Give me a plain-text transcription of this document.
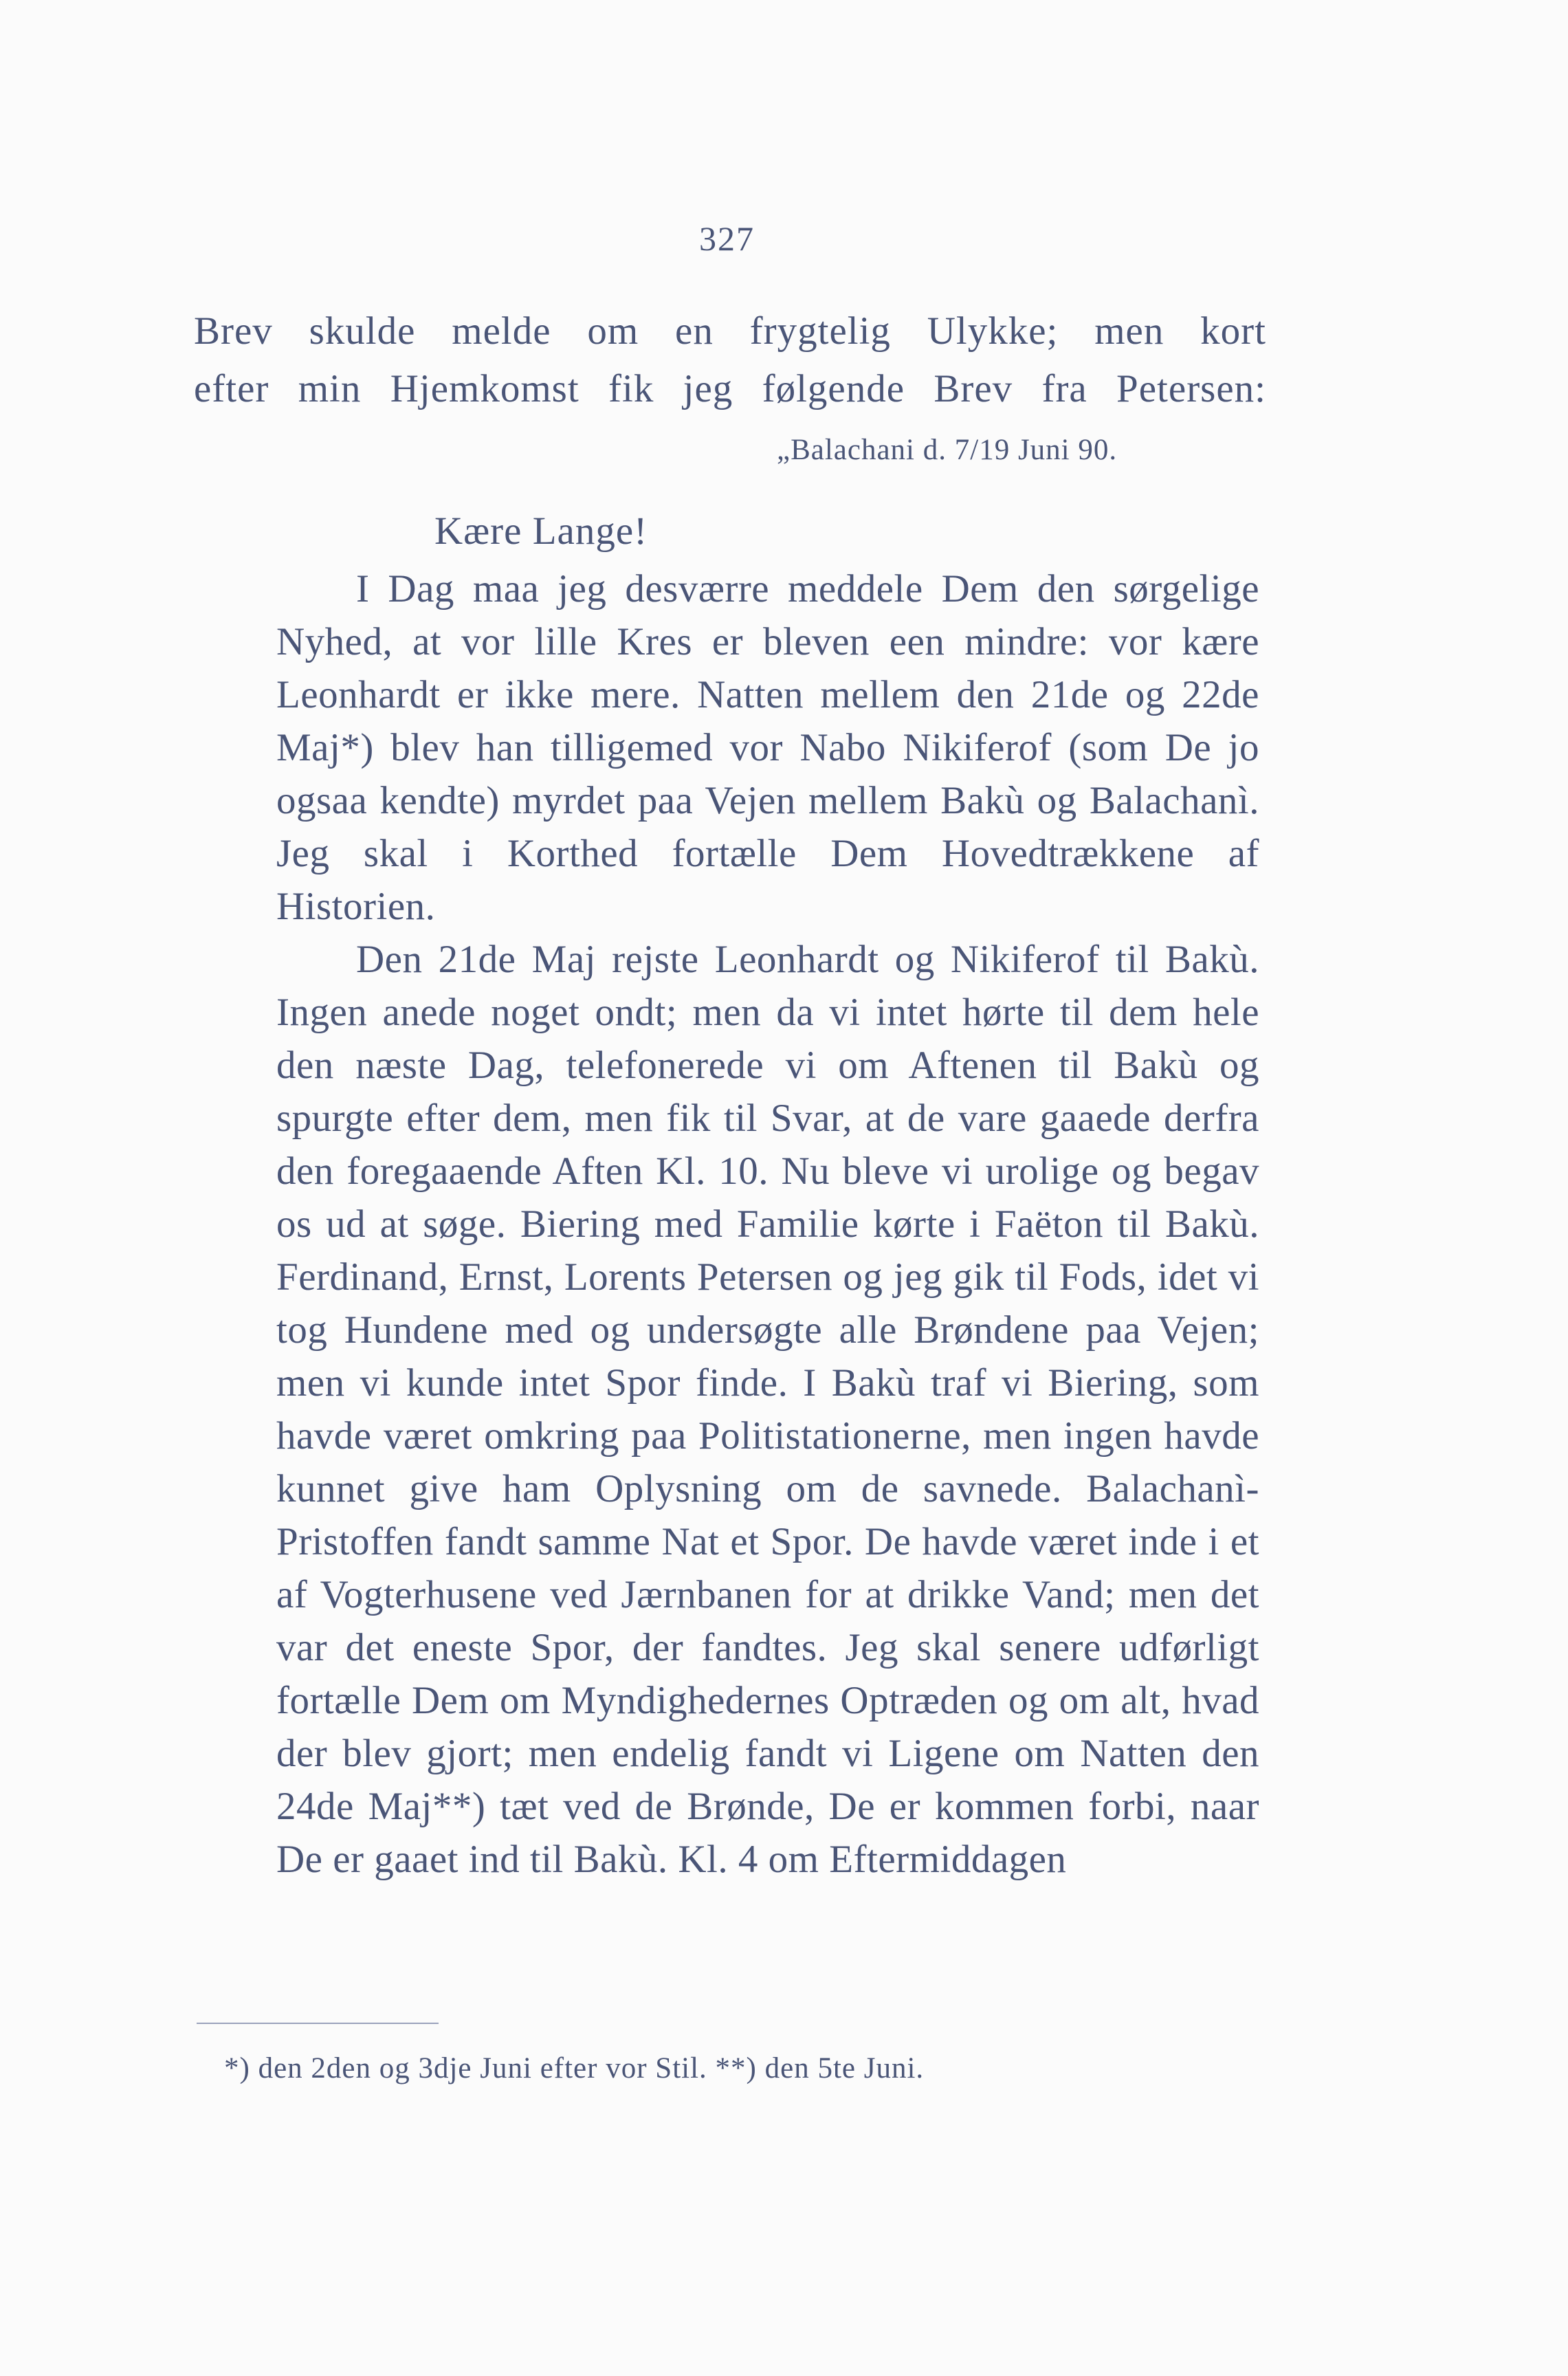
327
Brev skulde melde om en frygtelig Ulykke; men kort
efter min Hjemkomst fik jeg følgende Brev fra Petersen:
„Balachani d. 7/19 Juni 90.
Kære Lange!

I Dag maa jeg desværre meddele Dem den sørgelige Nyhed, at vor lille Kres er bleven een mindre: vor kære Leonhardt er ikke mere. Natten mellem den 21de og 22de Maj*) blev han tilligemed vor Nabo Nikiferof (som De jo ogsaa kendte) myrdet paa Vejen mellem Bakù og Balachanì. Jeg skal i Korthed fortælle Dem Hovedtrækkene af Historien.

Den 21de Maj rejste Leonhardt og Nikiferof til Bakù. Ingen anede noget ondt; men da vi intet hørte til dem hele den næste Dag, telefonerede vi om Aftenen til Bakù og spurgte efter dem, men fik til Svar, at de vare gaaede derfra den foregaaende Aften Kl. 10. Nu bleve vi urolige og begav os ud at søge. Biering med Familie kørte i Faëton til Bakù. Ferdinand, Ernst, Lorents Petersen og jeg gik til Fods, idet vi tog Hundene med og undersøgte alle Brøndene paa Vejen; men vi kunde intet Spor finde. I Bakù traf vi Biering, som havde været omkring paa Politistationerne, men ingen havde kunnet give ham Oplysning om de savnede. Balachanì-Pristoffen fandt samme Nat et Spor. De havde været inde i et af Vogterhusene ved Jærnbanen for at drikke Vand; men det var det eneste Spor, der fandtes. Jeg skal senere udførligt fortælle Dem om Myndighedernes Optræden og om alt, hvad der blev gjort; men endelig fandt vi Ligene om Natten den 24de Maj**) tæt ved de Brønde, De er kommen forbi, naar De er gaaet ind til Bakù. Kl. 4 om Eftermiddagen

*) den 2den og 3dje Juni efter vor Stil. **) den 5te Juni.
